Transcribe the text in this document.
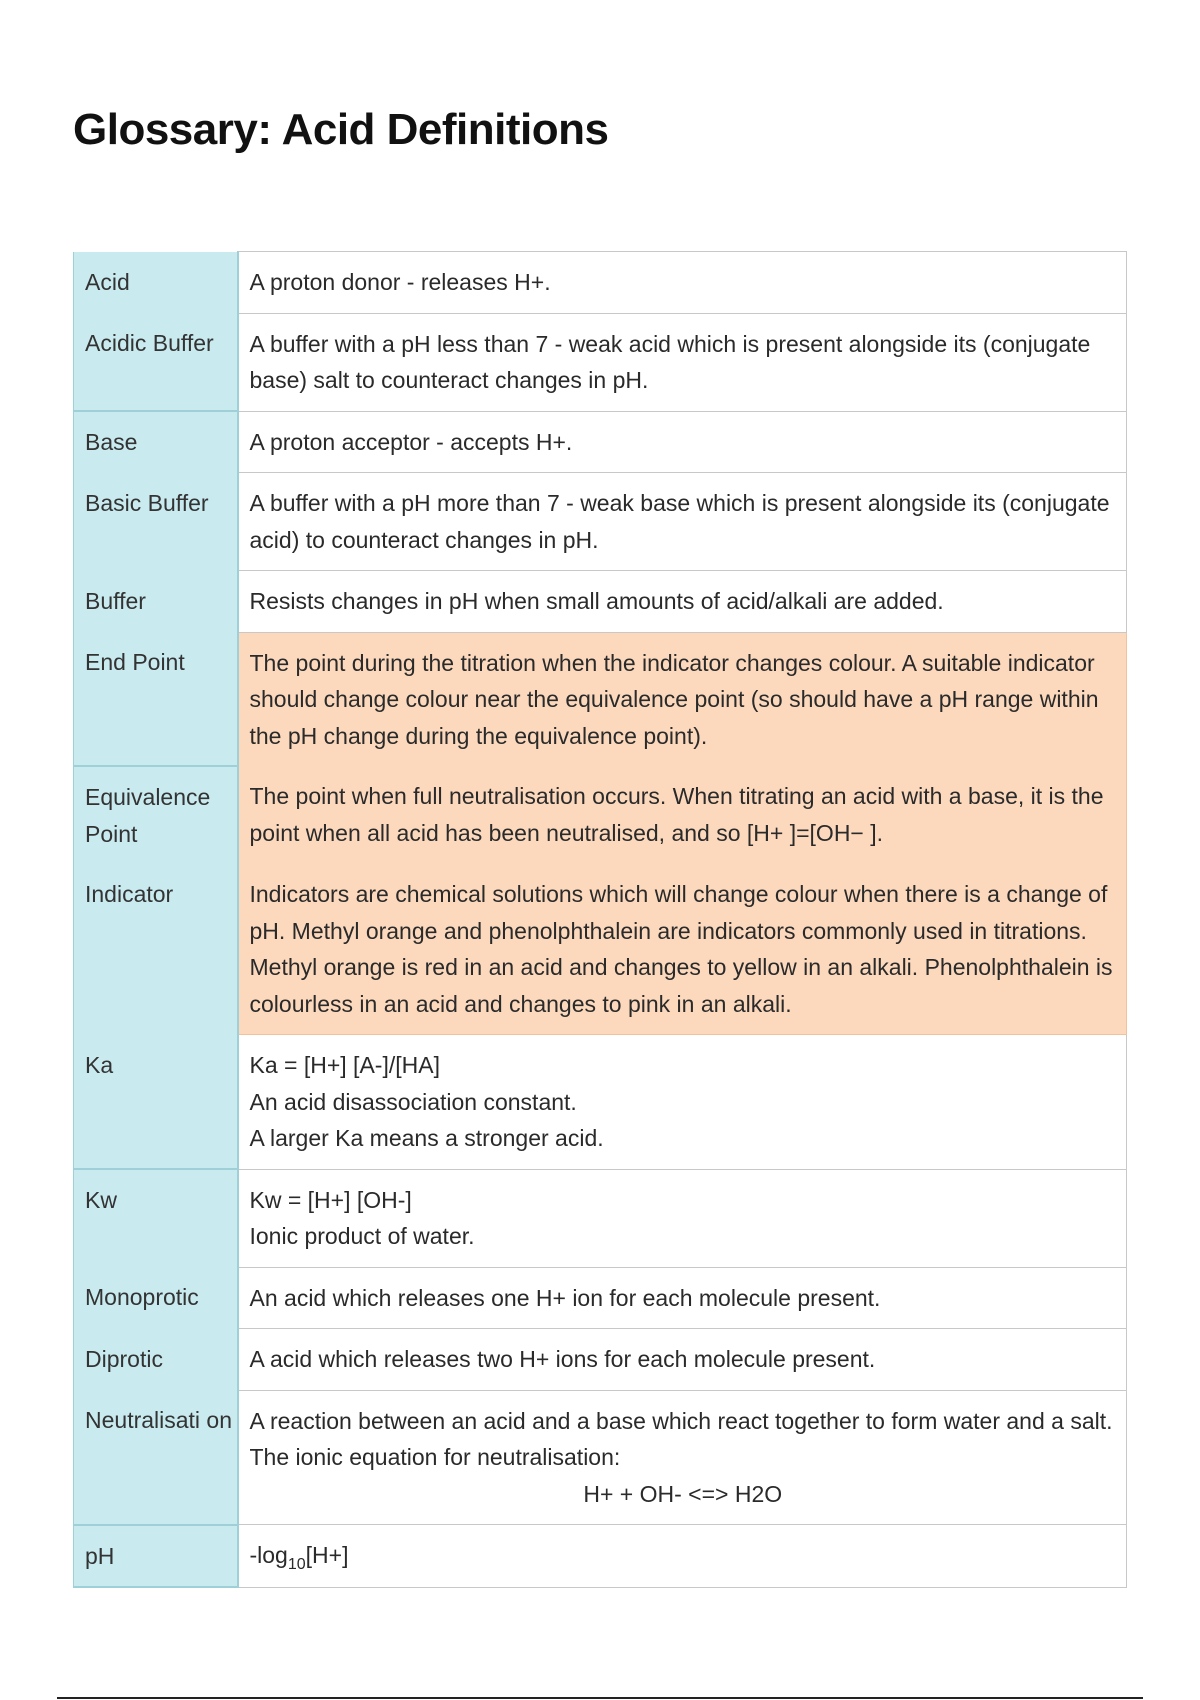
Glossary: Acid Definitions
Acid	A proton donor - releases H+.

Acidic Buffer	A buffer with a pH less than 7 - weak acid which is present alongside its (conjugate base) salt to counteract changes in pH.

Base	A proton acceptor - accepts H+.

Basic Buffer	A buffer with a pH more than 7 - weak base which is present alongside its (conjugate acid) to counteract changes in pH.

Buffer	Resists changes in pH when small amounts of acid/alkali are added.

End Point	The point during the titration when the indicator changes colour. A suitable indicator should change colour near the equivalence point (so should have a pH range within the pH change during the equivalence point).

Equivalence Point	The point when full neutralisation occurs. When titrating an acid with a base, it is the point when all acid has been neutralised, and so [H+ ]=[OH− ].

Indicator	Indicators are chemical solutions which will change colour when there is a change of pH. Methyl orange and phenolphthalein are indicators commonly used in titrations. Methyl orange is red in an acid and changes to yellow in an alkali. Phenolphthalein is colourless in an acid and changes to pink in an alkali.

Ka	Ka = [H+] [A-]/[HA]
An acid disassociation constant.
A larger Ka means a stronger acid.

Kw	Kw = [H+] [OH-]
Ionic product of water.

Monoprotic	An acid which releases one H+ ion for each molecule present.

Diprotic	A acid which releases two H+ ions for each molecule present.

Neutralisati on	A reaction between an acid and a base which react together to form water and a salt. The ionic equation for neutralisation:
H+ + OH- <=> H2O

pH	$-\log_{10}[H+]$
